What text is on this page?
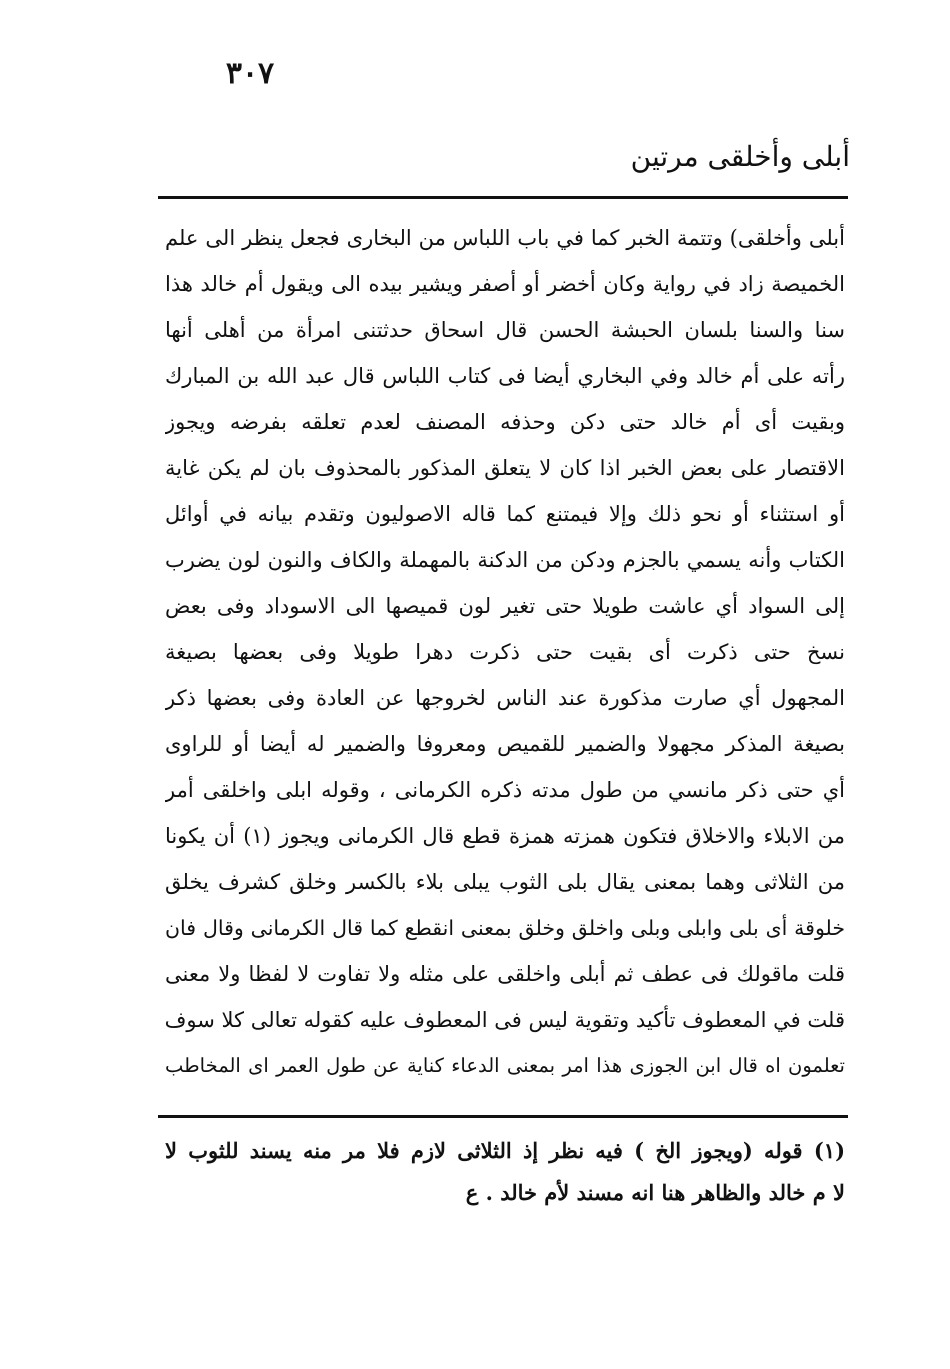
٣٠٧
أبلى وأخلقى مرتين
أبلى وأخلقى) وتتمة الخبر كما في باب اللباس من البخارى فجعل ينظر الى علم
الخميصة زاد في رواية وكان أخضر أو أصفر ويشير بيده الى ويقول أم خالد هذا
سنا والسنا بلسان الحبشة الحسن قال اسحاق حدثتنى امرأة من أهلى أنها
رأته على أم خالد وفي البخاري أيضا فى كتاب اللباس قال عبد الله بن المبارك
وبقيت أى أم خالد حتى دكن وحذفه المصنف لعدم تعلقه بفرضه ويجوز
الاقتصار على بعض الخبر اذا كان لا يتعلق المذكور بالمحذوف بان لم يكن غاية
أو استثناء أو نحو ذلك وإلا فيمتنع كما قاله الاصوليون وتقدم بيانه في أوائل
الكتاب وأنه يسمي بالجزم ودكن من الدكنة بالمهملة والكاف والنون لون يضرب
إلى السواد أي عاشت طويلا حتى تغير لون قميصها الى الاسوداد وفى بعض
نسخ حتى ذكرت أى بقيت حتى ذكرت دهرا طويلا وفى بعضها بصيغة
المجهول أي صارت مذكورة عند الناس لخروجها عن العادة وفى بعضها ذكر
بصيغة المذكر مجهولا والضمير للقميص ومعروفا والضمير له أيضا أو للراوى
أي حتى ذكر مانسي من طول مدته ذكره الكرمانى ، وقوله ابلى واخلقى أمر
من الابلاء والاخلاق فتكون همزته همزة قطع قال الكرمانى ويجوز (١) أن يكونا
من الثلاثى وهما بمعنى يقال بلى الثوب يبلى بلاء بالكسر وخلق كشرف يخلق
خلوقة أى بلى وابلى وبلى واخلق وخلق بمعنى انقطع كما قال الكرمانى وقال فان
قلت ماقولك فى عطف ثم أبلى واخلقى على مثله ولا تفاوت لا لفظا ولا معنى
قلت في المعطوف تأكيد وتقوية ليس فى المعطوف عليه كقوله تعالى كلا سوف
تعلمون اه قال ابن الجوزى هذا امر بمعنى الدعاء كناية عن طول العمر اى المخاطب
(١) قوله (ويجوز الخ ) فيه نظر إذ الثلاثى لازم فلا مر منه يسند للثوب لا
لا م خالد والظاهر هنا انه مسند لأم خالد . ع
